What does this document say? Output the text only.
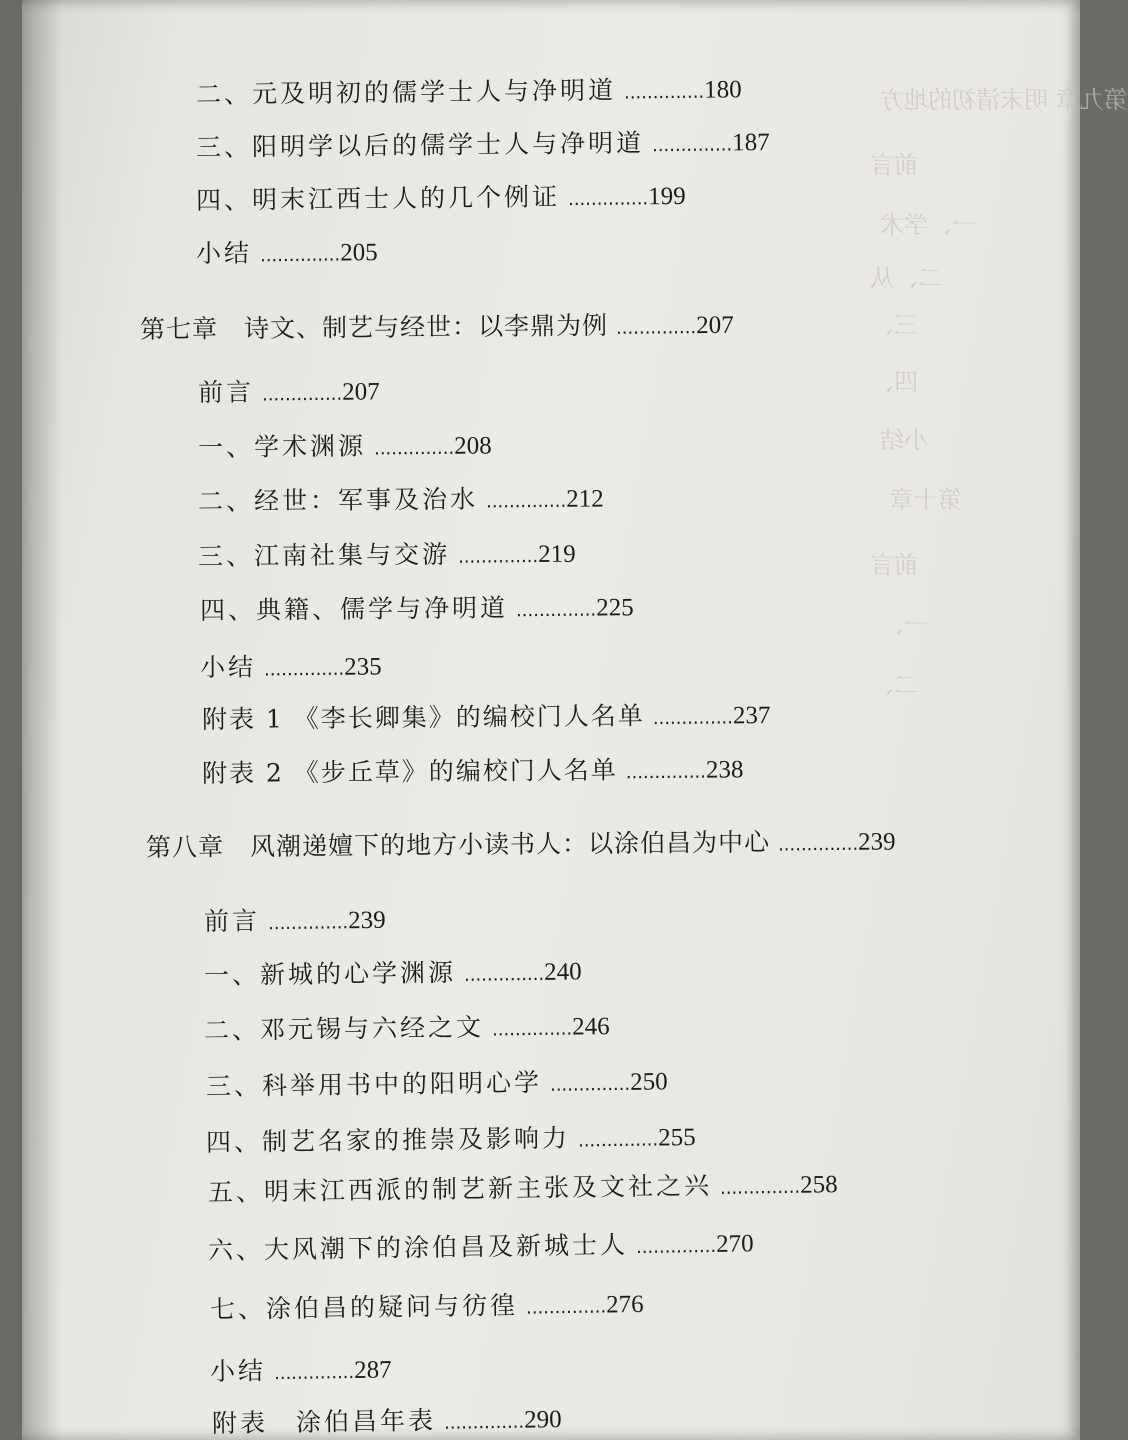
第九章 明末清初的地方
前言
一、学术
二、从
三、
四、
小结
第十章
前言
一、
二、
二、元及明初的儒学士人与净明道 ..............180
三、阳明学以后的儒学士人与净明道 ..............187
四、明末江西士人的几个例证 ..............199
小结 ..............205
第七章　诗文、制艺与经世：以李鼎为例 ..............207
前言 ..............207
一、学术渊源 ..............208
二、经世：军事及治水 ..............212
三、江南社集与交游 ..............219
四、典籍、儒学与净明道 ..............225
小结 ..............235
附表 1 《李长卿集》的编校门人名单 ..............237
附表 2 《步丘草》的编校门人名单 ..............238
第八章　风潮递嬗下的地方小读书人：以涂伯昌为中心 ..............239
前言 ..............239
一、新城的心学渊源 ..............240
二、邓元锡与六经之文 ..............246
三、科举用书中的阳明心学 ..............250
四、制艺名家的推崇及影响力 ..............255
五、明末江西派的制艺新主张及文社之兴 ..............258
六、大风潮下的涂伯昌及新城士人 ..............270
七、涂伯昌的疑问与彷徨 ..............276
小结 ..............287
附表　涂伯昌年表 ..............290
